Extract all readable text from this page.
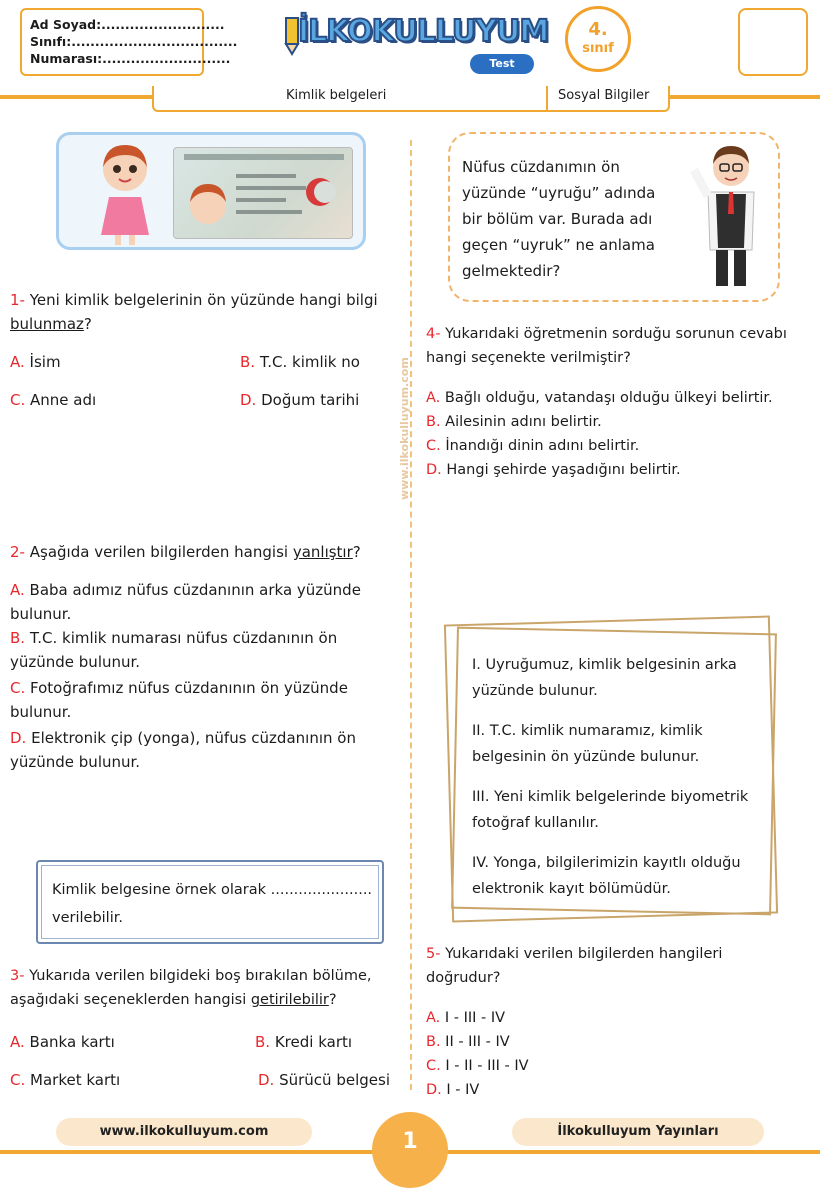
Ad Soyad:..........................
Sınıfı:...................................
Numarası:...........................
İLKOKULLUYUM
Test
4.
sınıf
Kimlik belgeleri	Sosyal Bilgiler
www.ilkokulluyum.com
1- Yeni kimlik belgelerinin ön yüzünde hangi bilgi
bulunmaz?
A. İsim	B. T.C. kimlik no
C. Anne adı	D. Doğum tarihi
2- Aşağıda verilen bilgilerden hangisi yanlıştır?
A. Baba adımız nüfus cüzdanının arka yüzünde
bulunur.
B. T.C. kimlik numarası nüfus cüzdanının ön
yüzünde bulunur.
C. Fotoğrafımız nüfus cüzdanının ön yüzünde
bulunur.
D. Elektronik çip (yonga), nüfus cüzdanının ön
yüzünde bulunur.
Kimlik belgesine örnek olarak ......................
verilebilir.
3- Yukarıda verilen bilgideki boş bırakılan bölüme,
aşağıdaki seçeneklerden hangisi getirilebilir?
A. Banka kartı	B. Kredi kartı
C. Market kartı	D. Sürücü belgesi
Nüfus cüzdanımın ön
yüzünde “uyruğu” adında
bir bölüm var. Burada adı
geçen “uyruk” ne anlama
gelmektedir?
4- Yukarıdaki öğretmenin sorduğu sorunun cevabı
hangi seçenekte verilmiştir?
A. Bağlı olduğu, vatandaşı olduğu ülkeyi belirtir.
B. Ailesinin adını belirtir.
C. İnandığı dinin adını belirtir.
D. Hangi şehirde yaşadığını belirtir.
I. Uyruğumuz, kimlik belgesinin arka
yüzünde bulunur.
II. T.C. kimlik numaramız, kimlik
belgesinin ön yüzünde bulunur.
III. Yeni kimlik belgelerinde biyometrik
fotoğraf kullanılır.
IV. Yonga, bilgilerimizin kayıtlı olduğu
elektronik kayıt bölümüdür.
5- Yukarıdaki verilen bilgilerden hangileri
doğrudur?
A. I - III - IV
B. II - III - IV
C. I - II - III - IV
D. I - IV
www.ilkokulluyum.com	1	İlkokulluyum Yayınları
